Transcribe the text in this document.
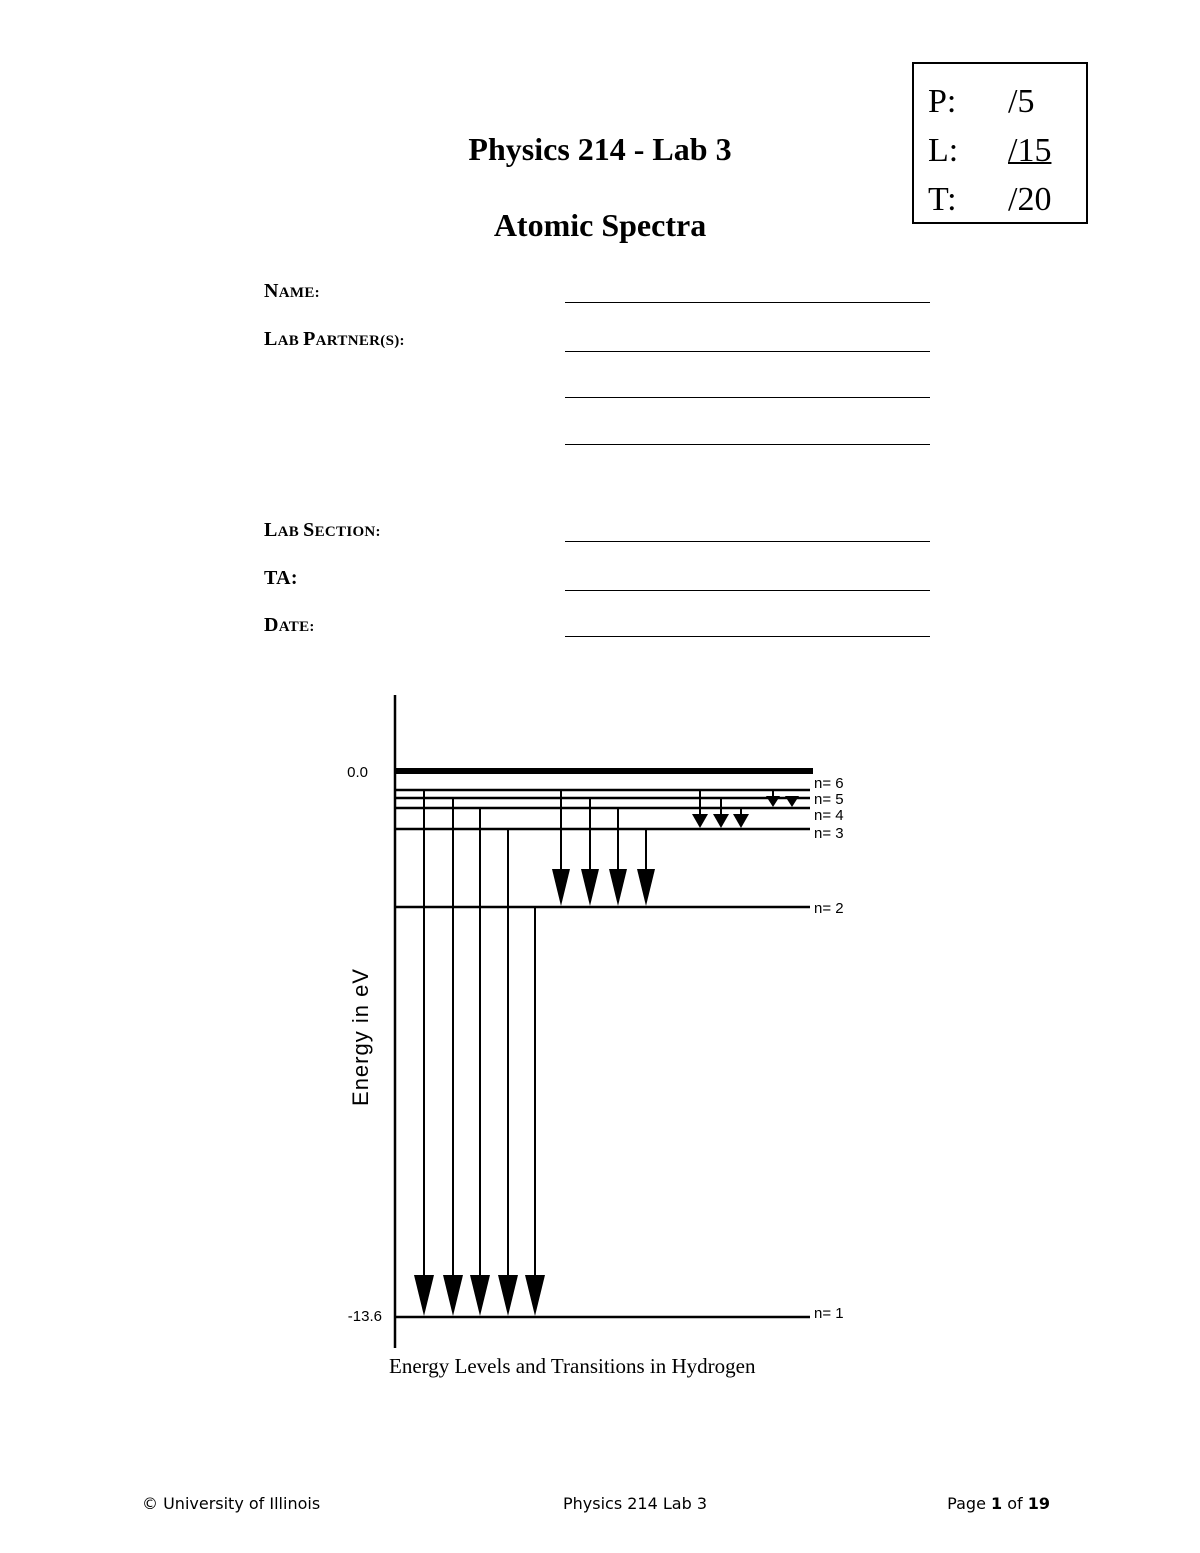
P: /5
L: /15
T: /20
Physics 214 - Lab 3
Atomic Spectra
NAME:
LAB PARTNER(S):
LAB SECTION:
TA:
DATE:
n= 1
n= 2
n= 3
n= 4
n= 5
n= 6
0.0
-13.6
Energy in eV
Energy Levels and Transitions in Hydrogen
© University of Illinois	Physics 214 Lab 3	Page 1 of 19
